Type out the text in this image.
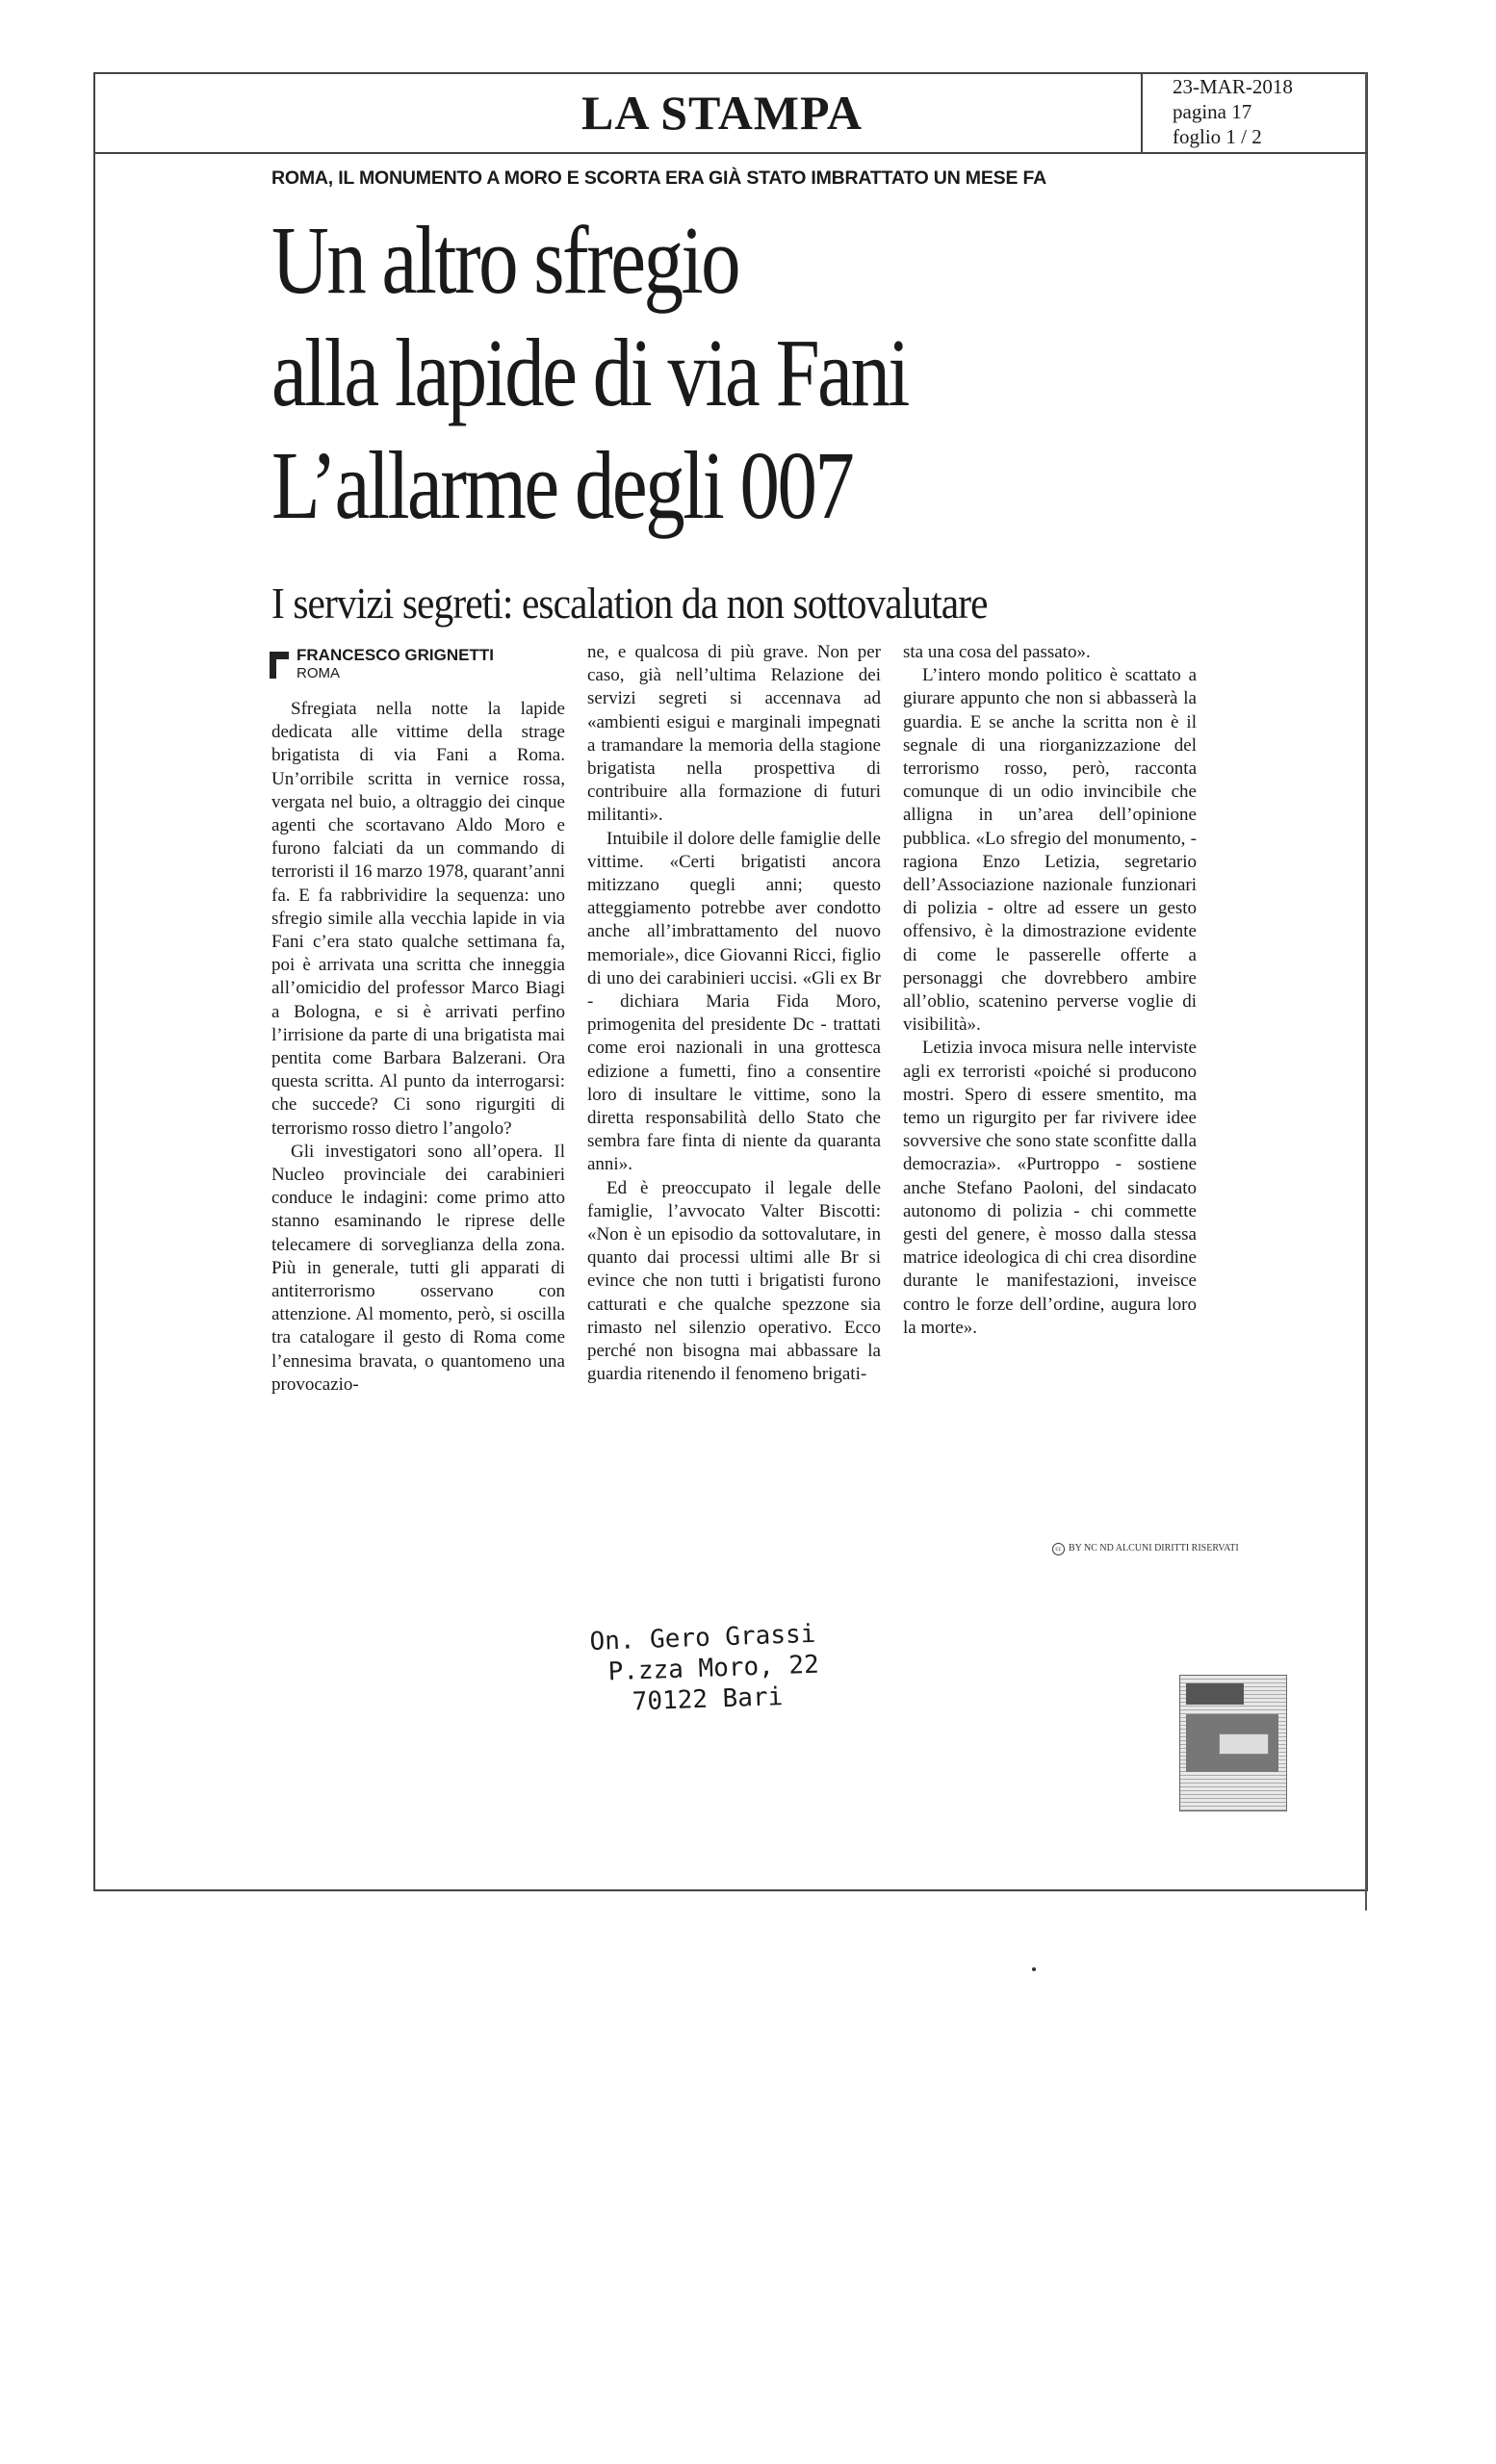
LA STAMPA	23-MAR-2018
pagina 17
foglio 1 / 2
ROMA, IL MONUMENTO A MORO E SCORTA ERA GIÀ STATO IMBRATTATO UN MESE FA
Un altro sfregio
alla lapide di via Fani
L’allarme degli 007
I servizi segreti: escalation da non sottovalutare
FRANCESCO GRIGNETTI
ROMA

Sfregiata nella notte la lapide dedicata alle vittime della strage brigatista di via Fani a Roma. Un’orribile scritta in vernice rossa, vergata nel buio, a oltraggio dei cinque agenti che scortavano Aldo Moro e furono falciati da un commando di terroristi il 16 marzo 1978, quarant’anni fa. E fa rabbrividire la sequenza: uno sfregio simile alla vecchia lapide in via Fani c’era stato qualche settimana fa, poi è arrivata una scritta che inneggia all’omicidio del professor Marco Biagi a Bologna, e si è arrivati perfino l’irrisione da parte di una brigatista mai pentita come Barbara Balzerani. Ora questa scritta. Al punto da interrogarsi: che succede? Ci sono rigurgiti di terrorismo rosso dietro l’angolo?

Gli investigatori sono all’opera. Il Nucleo provinciale dei carabinieri conduce le indagini: come primo atto stanno esaminando le riprese delle telecamere di sorveglianza della zona. Più in generale, tutti gli apparati di antiterrorismo osservano con attenzione. Al momento, però, si oscilla tra catalogare il gesto di Roma come l’ennesima bravata, o quantomeno una provocazio-

ne, e qualcosa di più grave. Non per caso, già nell’ultima Relazione dei servizi segreti si accennava ad «ambienti esigui e marginali impegnati a tramandare la memoria della stagione brigatista nella prospettiva di contribuire alla formazione di futuri militanti».

Intuibile il dolore delle famiglie delle vittime. «Certi brigatisti ancora mitizzano quegli anni; questo atteggiamento potrebbe aver condotto anche all’imbrattamento del nuovo memoriale», dice Giovanni Ricci, figlio di uno dei carabinieri uccisi. «Gli ex Br - dichiara Maria Fida Moro, primogenita del presidente Dc - trattati come eroi nazionali in una grottesca edizione a fumetti, fino a consentire loro di insultare le vittime, sono la diretta responsabilità dello Stato che sembra fare finta di niente da quaranta anni».

Ed è preoccupato il legale delle famiglie, l’avvocato Valter Biscotti: «Non è un episodio da sottovalutare, in quanto dai processi ultimi alle Br si evince che non tutti i brigatisti furono catturati e che qualche spezzone sia rimasto nel silenzio operativo. Ecco perché non bisogna mai abbassare la guardia ritenendo il fenomeno brigati-

sta una cosa del passato».

L’intero mondo politico è scattato a giurare appunto che non si abbasserà la guardia. E se anche la scritta non è il segnale di una riorganizzazione del terrorismo rosso, però, racconta comunque di un odio invincibile che alligna in un’area dell’opinione pubblica. «Lo sfregio del monumento, - ragiona Enzo Letizia, segretario dell’Associazione nazionale funzionari di polizia - oltre ad essere un gesto offensivo, è la dimostrazione evidente di come le passerelle offerte a personaggi che dovrebbero ambire all’oblio, scatenino perverse voglie di visibilità».

Letizia invoca misura nelle interviste agli ex terroristi «poiché si producono mostri. Spero di essere smentito, ma temo un rigurgito per far rivivere idee sovversive che sono state sconfitte dalla democrazia». «Purtroppo - sostiene anche Stefano Paoloni, del sindacato autonomo di polizia - chi commette gesti del genere, è mosso dalla stessa matrice ideologica di chi crea disordine durante le manifestazioni, inveisce contro le forze dell’ordine, augura loro la morte».

cc BY NC ND ALCUNI DIRITTI RISERVATI
On. Gero Grassi
P.zza Moro, 22
70122 Bari
